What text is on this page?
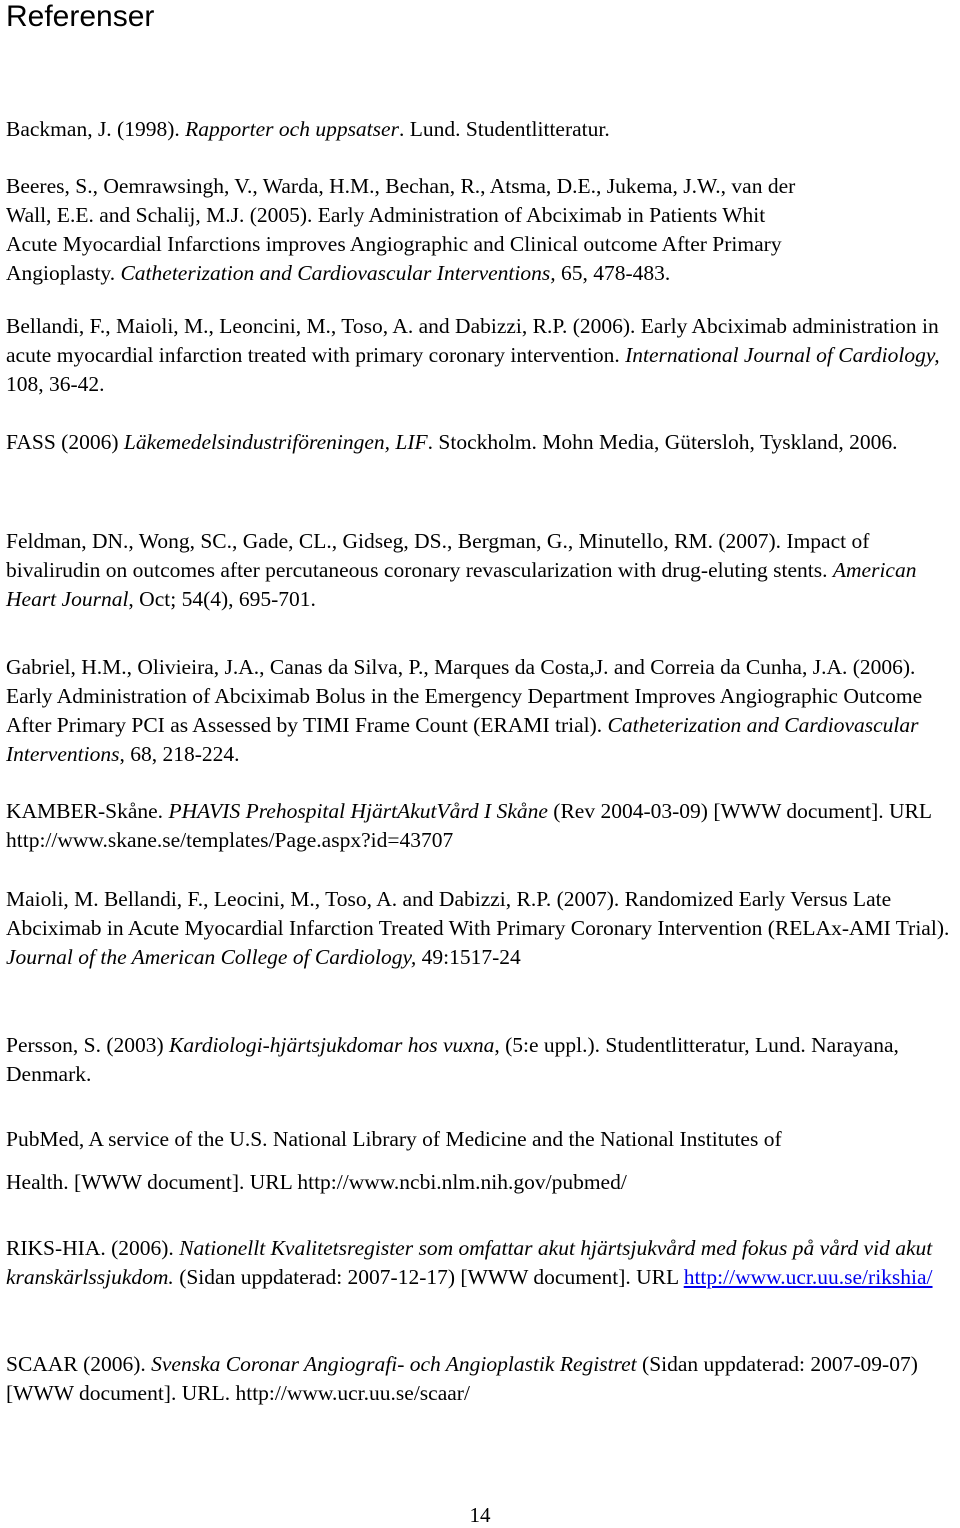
Referenser

Backman, J. (1998). Rapporter och uppsatser. Lund. Studentlitteratur.

Beeres, S., Oemrawsingh, V., Warda, H.M., Bechan, R., Atsma, D.E., Jukema, J.W., van der
Wall, E.E. and Schalij, M.J. (2005). Early Administration of Abciximab in Patients Whit
Acute Myocardial Infarctions improves Angiographic and Clinical outcome After Primary
Angioplasty. Catheterization and Cardiovascular Interventions, 65, 478-483.

Bellandi, F., Maioli, M., Leoncini, M., Toso, A. and Dabizzi, R.P. (2006). Early Abciximab administration in acute myocardial infarction treated with primary coronary intervention. International Journal of Cardiology, 108, 36-42.

FASS (2006) Läkemedelsindustriföreningen, LIF. Stockholm. Mohn Media, Gütersloh, Tyskland, 2006.

Feldman, DN., Wong, SC., Gade, CL., Gidseg, DS., Bergman, G., Minutello, RM. (2007). Impact of bivalirudin on outcomes after percutaneous coronary revascularization with drug-eluting stents. American Heart Journal, Oct; 54(4), 695-701.

Gabriel, H.M., Olivieira, J.A., Canas da Silva, P., Marques da Costa,J. and Correia da Cunha, J.A. (2006). Early Administration of Abciximab Bolus in the Emergency Department Improves Angiographic Outcome After Primary PCI as Assessed by TIMI Frame Count (ERAMI trial). Catheterization and Cardiovascular Interventions, 68, 218-224.

KAMBER-Skåne. PHAVIS Prehospital HjärtAkutVård I Skåne (Rev 2004-03-09) [WWW document]. URL http://www.skane.se/templates/Page.aspx?id=43707

Maioli, M. Bellandi, F., Leocini, M., Toso, A. and Dabizzi, R.P. (2007). Randomized Early Versus Late Abciximab in Acute Myocardial Infarction Treated With Primary Coronary Intervention (RELAx-AMI Trial). Journal of the American College of Cardiology, 49:1517-24

Persson, S. (2003) Kardiologi-hjärtsjukdomar hos vuxna, (5:e uppl.). Studentlitteratur, Lund. Narayana, Denmark.

PubMed, A service of the U.S. National Library of Medicine and the National Institutes of
Health. [WWW document]. URL http://www.ncbi.nlm.nih.gov/pubmed/

RIKS-HIA. (2006). Nationellt Kvalitetsregister som omfattar akut hjärtsjukvård med fokus på vård vid akut kranskärlssjukdom. (Sidan uppdaterad: 2007-12-17) [WWW document]. URL http://www.ucr.uu.se/rikshia/

SCAAR (2006). Svenska Coronar Angiografi- och Angioplastik Registret (Sidan uppdaterad: 2007-09-07) [WWW document]. URL. http://www.ucr.uu.se/scaar/

14
